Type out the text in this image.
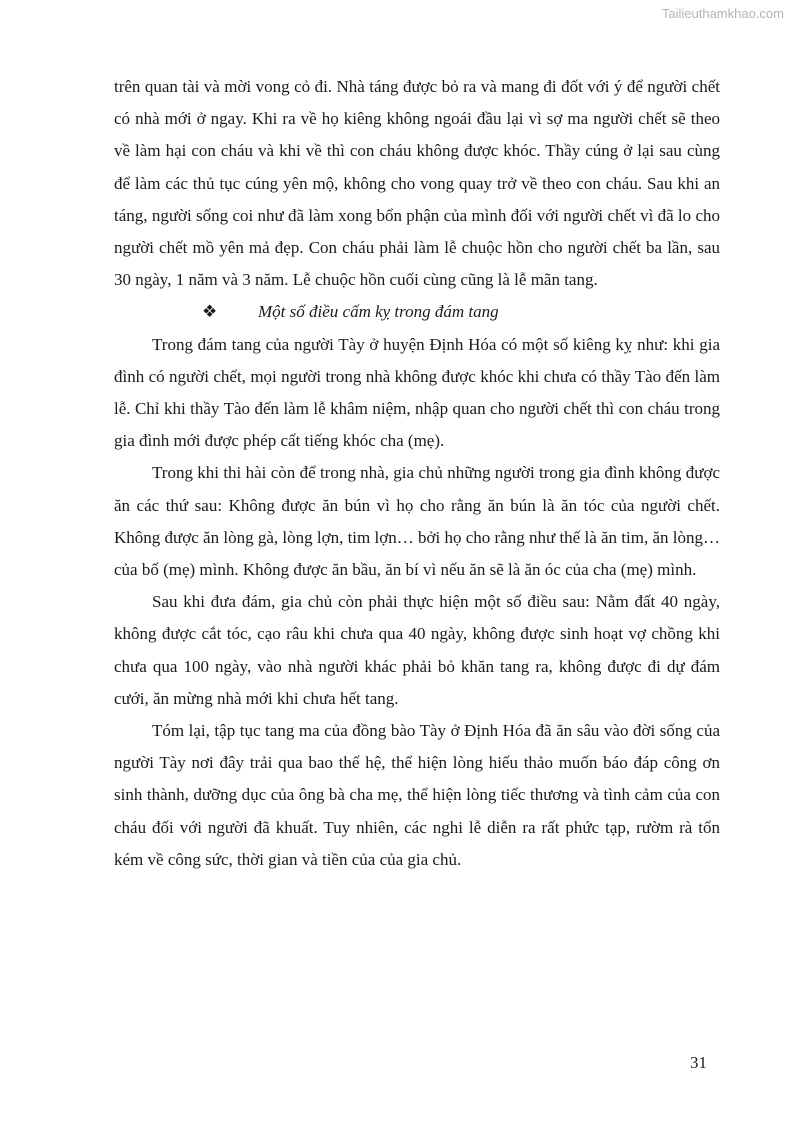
Tailieuthamkhao.com

trên quan tài và mời vong cỏ đi. Nhà táng được bỏ ra và mang đi đốt với ý để người chết có nhà mới ở ngay. Khi ra về họ kiêng không ngoái đầu lại vì sợ ma người chết sẽ theo về làm hại con cháu và khi về thì con cháu không được khóc. Thầy cúng ở lại sau cùng để làm các thủ tục cúng yên mộ, không cho vong quay trở về theo con cháu. Sau khi an táng, người sống coi như đã làm xong bổn phận của mình đối với người chết vì đã lo cho người chết mồ yên mả đẹp. Con cháu phải làm lễ chuộc hồn cho người chết ba lần, sau 30 ngày, 1 năm và 3 năm. Lễ chuộc hồn cuối cùng cũng là lễ mãn tang.

❖	Một số điều cấm kỵ trong đám tang

Trong đám tang của người Tày ở huyện Định Hóa có một số kiêng kỵ như: khi gia đình có người chết, mọi người trong nhà không được khóc khi chưa có thầy Tào đến làm lễ. Chỉ khi thầy Tào đến làm lễ khâm niệm, nhập quan cho người chết thì con cháu trong gia đình mới được phép cất tiếng khóc cha (mẹ).

Trong khi thi hài còn để trong nhà, gia chủ những người trong gia đình không được ăn các thứ sau: Không được ăn bún vì họ cho rằng ăn bún là ăn tóc của người chết. Không được ăn lòng gà, lòng lợn, tim lợn… bởi họ cho rằng như thế là ăn tim, ăn lòng… của bố (mẹ) mình. Không được ăn bầu, ăn bí vì nếu ăn sẽ là ăn óc của cha (mẹ) mình.

Sau khi đưa đám, gia chủ còn phải thực hiện một số điều sau: Nằm đất 40 ngày, không được cắt tóc, cạo râu khi chưa qua 40 ngày, không được sinh hoạt vợ chồng khi chưa qua 100 ngày, vào nhà người khác phải bỏ khăn tang ra, không được đi dự đám cưới, ăn mừng nhà mới khi chưa hết tang.

Tóm lại, tập tục tang ma của đồng bào Tày ở Định Hóa đã ăn sâu vào đời sống của người Tày nơi đây trải qua bao thế hệ, thể hiện lòng hiếu thảo muốn báo đáp công ơn sinh thành, dưỡng dục của ông bà cha mẹ, thể hiện lòng tiếc thương và tình cảm của con cháu đối với người đã khuất. Tuy nhiên, các nghi lễ diễn ra rất phức tạp, rườm rà tốn kém về công sức, thời gian và tiền của của gia chủ.

31
